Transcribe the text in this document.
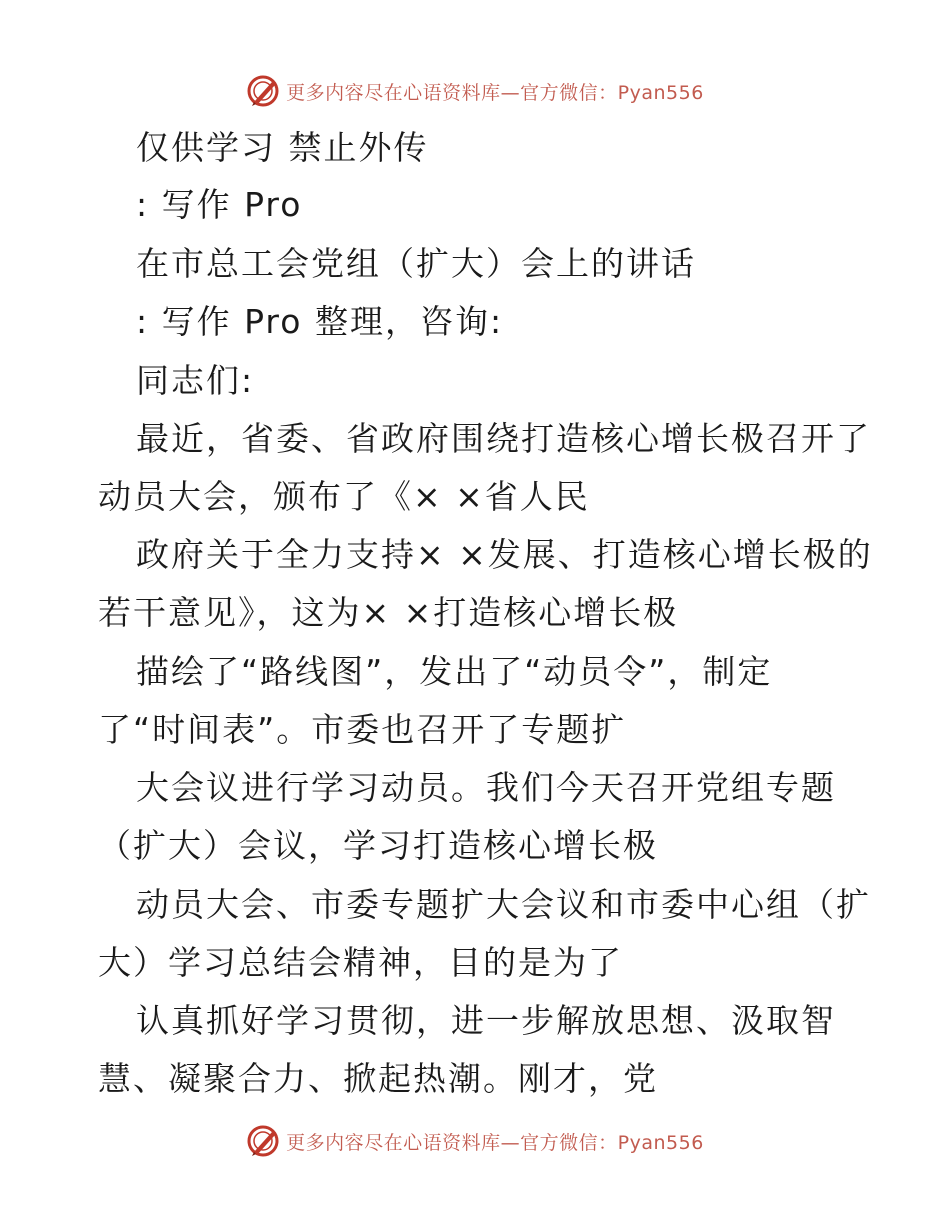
更多内容尽在心语资料库—官方微信：Pyan556
仅供学习 禁止外传
: 写作 Pro
在市总工会党组（扩大）会上的讲话
: 写作 Pro 整理，咨询:
同志们:
最近，省委、省政府围绕打造核心增长极召开了
动员大会，颁布了《× ×省人民
政府关于全力支持× ×发展、打造核心增长极的
若干意见》，这为× ×打造核心增长极
描绘了“路线图”，发出了“动员令”，制定
了“时间表”。市委也召开了专题扩
大会议进行学习动员。我们今天召开党组专题
（扩大）会议，学习打造核心增长极
动员大会、市委专题扩大会议和市委中心组（扩
大）学习总结会精神，目的是为了
认真抓好学习贯彻，进一步解放思想、汲取智
慧、凝聚合力、掀起热潮。刚才，党
更多内容尽在心语资料库—官方微信：Pyan556
